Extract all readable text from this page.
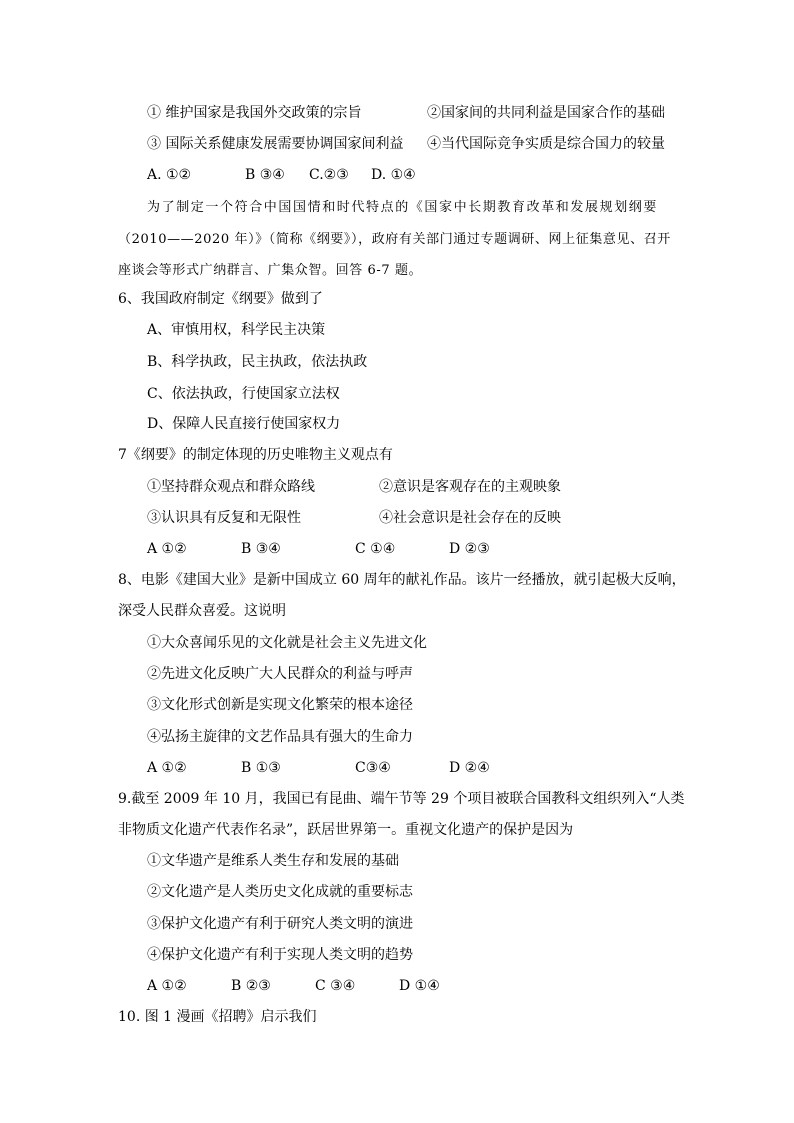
① 维护国家是我国外交政策的宗旨	②国家间的共同利益是国家合作的基础
③ 国际关系健康发展需要协调国家间利益 ④当代国际竞争实质是综合国力的较量
A. ①②	B ③④ C.②③ D. ①④
为了制定一个符合中国国情和时代特点的《国家中长期教育改革和发展规划纲要
（2010——2020 年）》（简称《纲要》），政府有关部门通过专题调研、网上征集意见、召开
座谈会等形式广纳群言、广集众智。回答 6-7 题。
6、我国政府制定《纲要》做到了
A、审慎用权，科学民主决策
B、科学执政，民主执政，依法执政
C、依法执政，行使国家立法权
D、保障人民直接行使国家权力
7《纲要》的制定体现的历史唯物主义观点有
①坚持群众观点和群众路线	②意识是客观存在的主观映象
③认识具有反复和无限性	④社会意识是社会存在的反映
A ①②	B ③④	C ①④	D ②③
8、电影《建国大业》是新中国成立 60 周年的献礼作品。该片一经播放，就引起极大反响，
深受人民群众喜爱。这说明
①大众喜闻乐见的文化就是社会主义先进文化
②先进文化反映广大人民群众的利益与呼声
③文化形式创新是实现文化繁荣的根本途径
④弘扬主旋律的文艺作品具有强大的生命力
A ①②	B ①③	C③④	D ②④
9.截至 2009 年 10 月，我国已有昆曲、端午节等 29 个项目被联合国教科文组织列入“人类
非物质文化遗产代表作名录”，跃居世界第一。重视文化遗产的保护是因为
①文华遗产是维系人类生存和发展的基础
②文化遗产是人类历史文化成就的重要标志
③保护文化遗产有利于研究人类文明的演进
④保护文化遗产有利于实现人类文明的趋势
A ①②	B ②③	C ③④	D ①④
10. 图 1 漫画《招聘》启示我们
